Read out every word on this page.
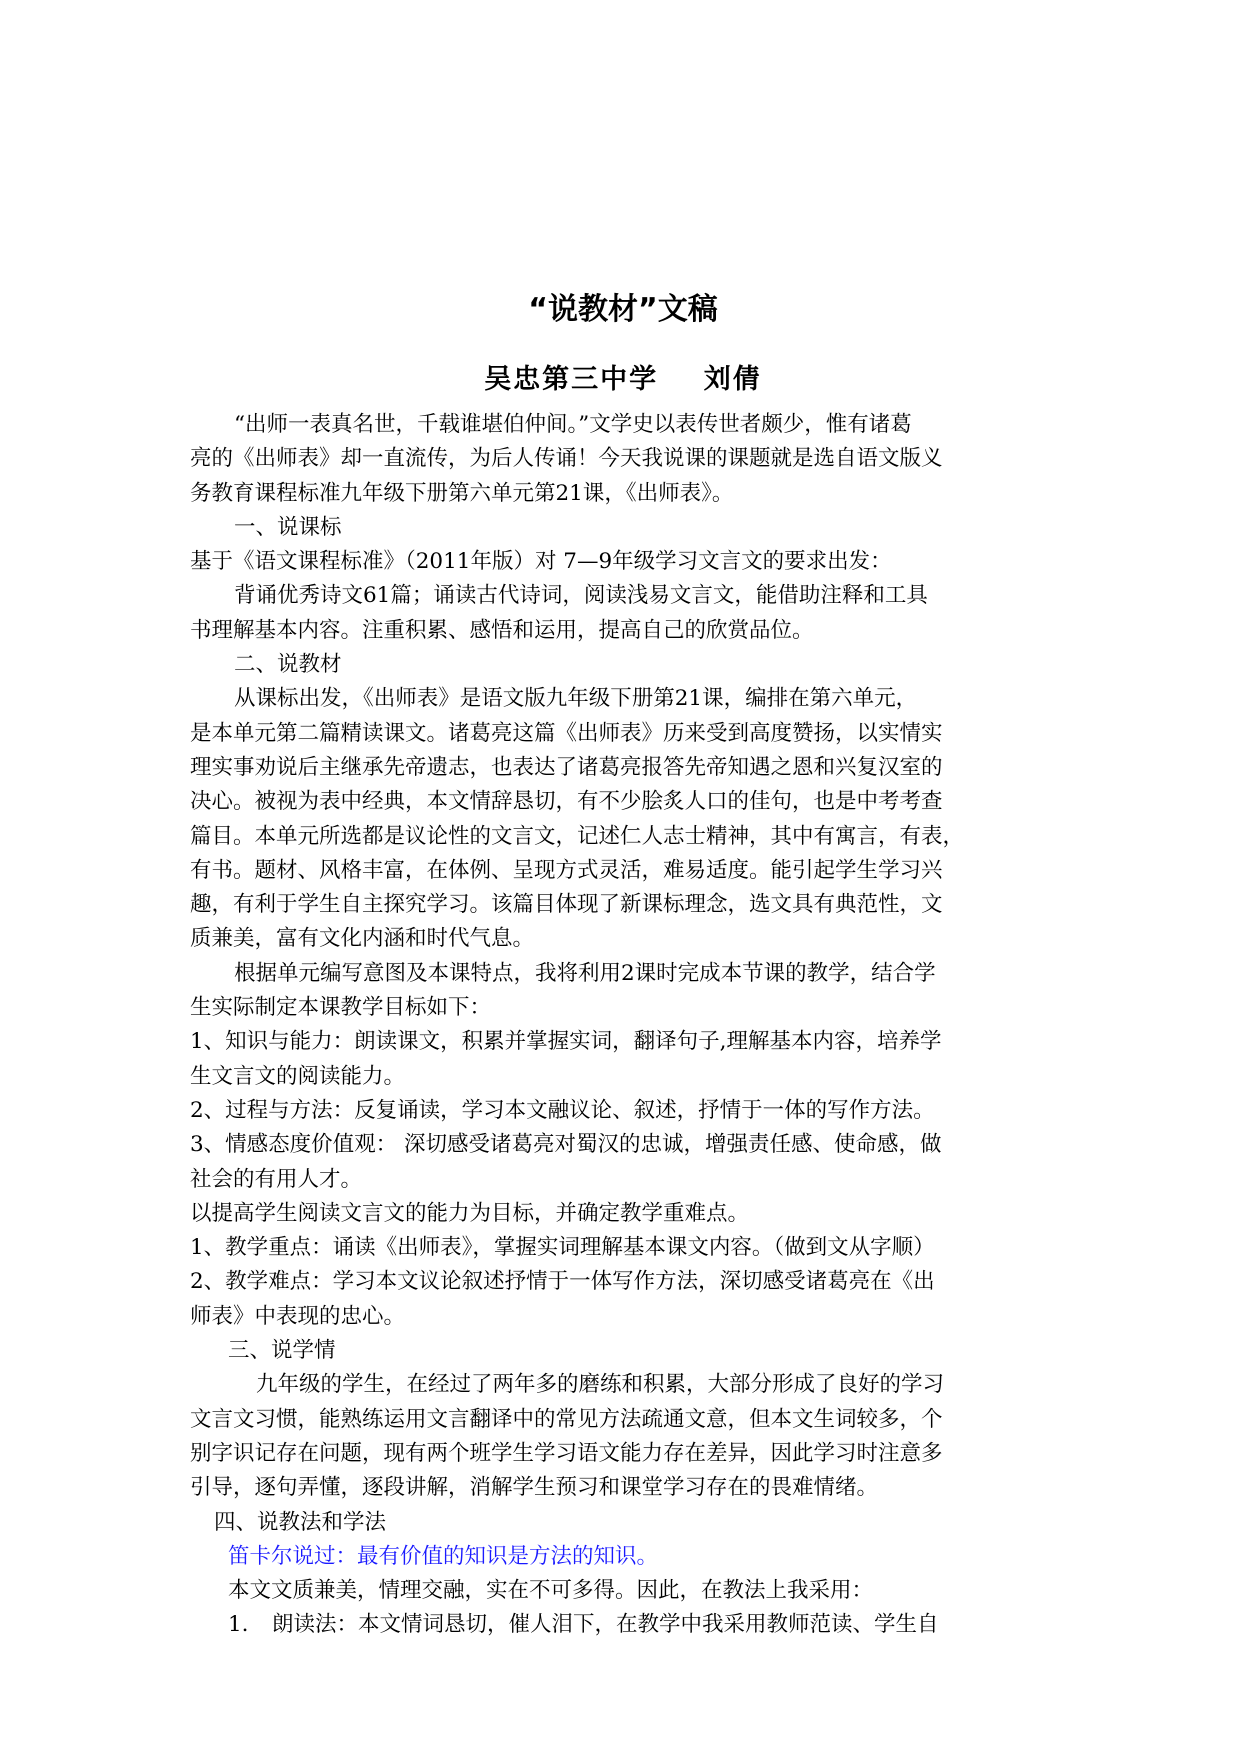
“说教材”文稿
吴忠第三中学    刘倩
“出师一表真名世，千载谁堪伯仲间。”文学史以表传世者颇少，惟有诸葛
亮的《出师表》却一直流传，为后人传诵！今天我说课的课题就是选自语文版义
务教育课程标准九年级下册第六单元第21课，《出师表》。
一、说课标
基于《语文课程标准》（2011年版）对 7—9年级学习文言文的要求出发：
背诵优秀诗文61篇；诵读古代诗词，阅读浅易文言文，能借助注释和工具
书理解基本内容。注重积累、感悟和运用，提高自己的欣赏品位。
二、说教材
从课标出发，《出师表》是语文版九年级下册第21课，编排在第六单元，
是本单元第二篇精读课文。诸葛亮这篇《出师表》历来受到高度赞扬，以实情实
理实事劝说后主继承先帝遗志，也表达了诸葛亮报答先帝知遇之恩和兴复汉室的
决心。被视为表中经典，本文情辞恳切，有不少脍炙人口的佳句，也是中考考查
篇目。本单元所选都是议论性的文言文，记述仁人志士精神，其中有寓言，有表，
有书。题材、风格丰富，在体例、呈现方式灵活，难易适度。能引起学生学习兴
趣，有利于学生自主探究学习。该篇目体现了新课标理念，选文具有典范性，文
质兼美，富有文化内涵和时代气息。
根据单元编写意图及本课特点，我将利用2课时完成本节课的教学，结合学
生实际制定本课教学目标如下：
1、知识与能力：朗读课文，积累并掌握实词，翻译句子,理解基本内容，培养学
生文言文的阅读能力。
2、过程与方法：反复诵读，学习本文融议论、叙述，抒情于一体的写作方法。
3、情感态度价值观： 深切感受诸葛亮对蜀汉的忠诚，增强责任感、使命感，做
社会的有用人才。
以提高学生阅读文言文的能力为目标，并确定教学重难点。
1、教学重点：诵读《出师表》，掌握实词理解基本课文内容。（做到文从字顺）
2、教学难点：学习本文议论叙述抒情于一体写作方法，深切感受诸葛亮在《出
师表》中表现的忠心。
三、说学情
九年级的学生，在经过了两年多的磨练和积累，大部分形成了良好的学习
文言文习惯，能熟练运用文言翻译中的常见方法疏通文意，但本文生词较多，个
别字识记存在问题，现有两个班学生学习语文能力存在差异，因此学习时注意多
引导，逐句弄懂，逐段讲解，消解学生预习和课堂学习存在的畏难情绪。
四、说教法和学法
笛卡尔说过：最有价值的知识是方法的知识。
本文文质兼美，情理交融，实在不可多得。因此，在教法上我采用：
1. 朗读法：本文情词恳切，催人泪下，在教学中我采用教师范读、学生自
